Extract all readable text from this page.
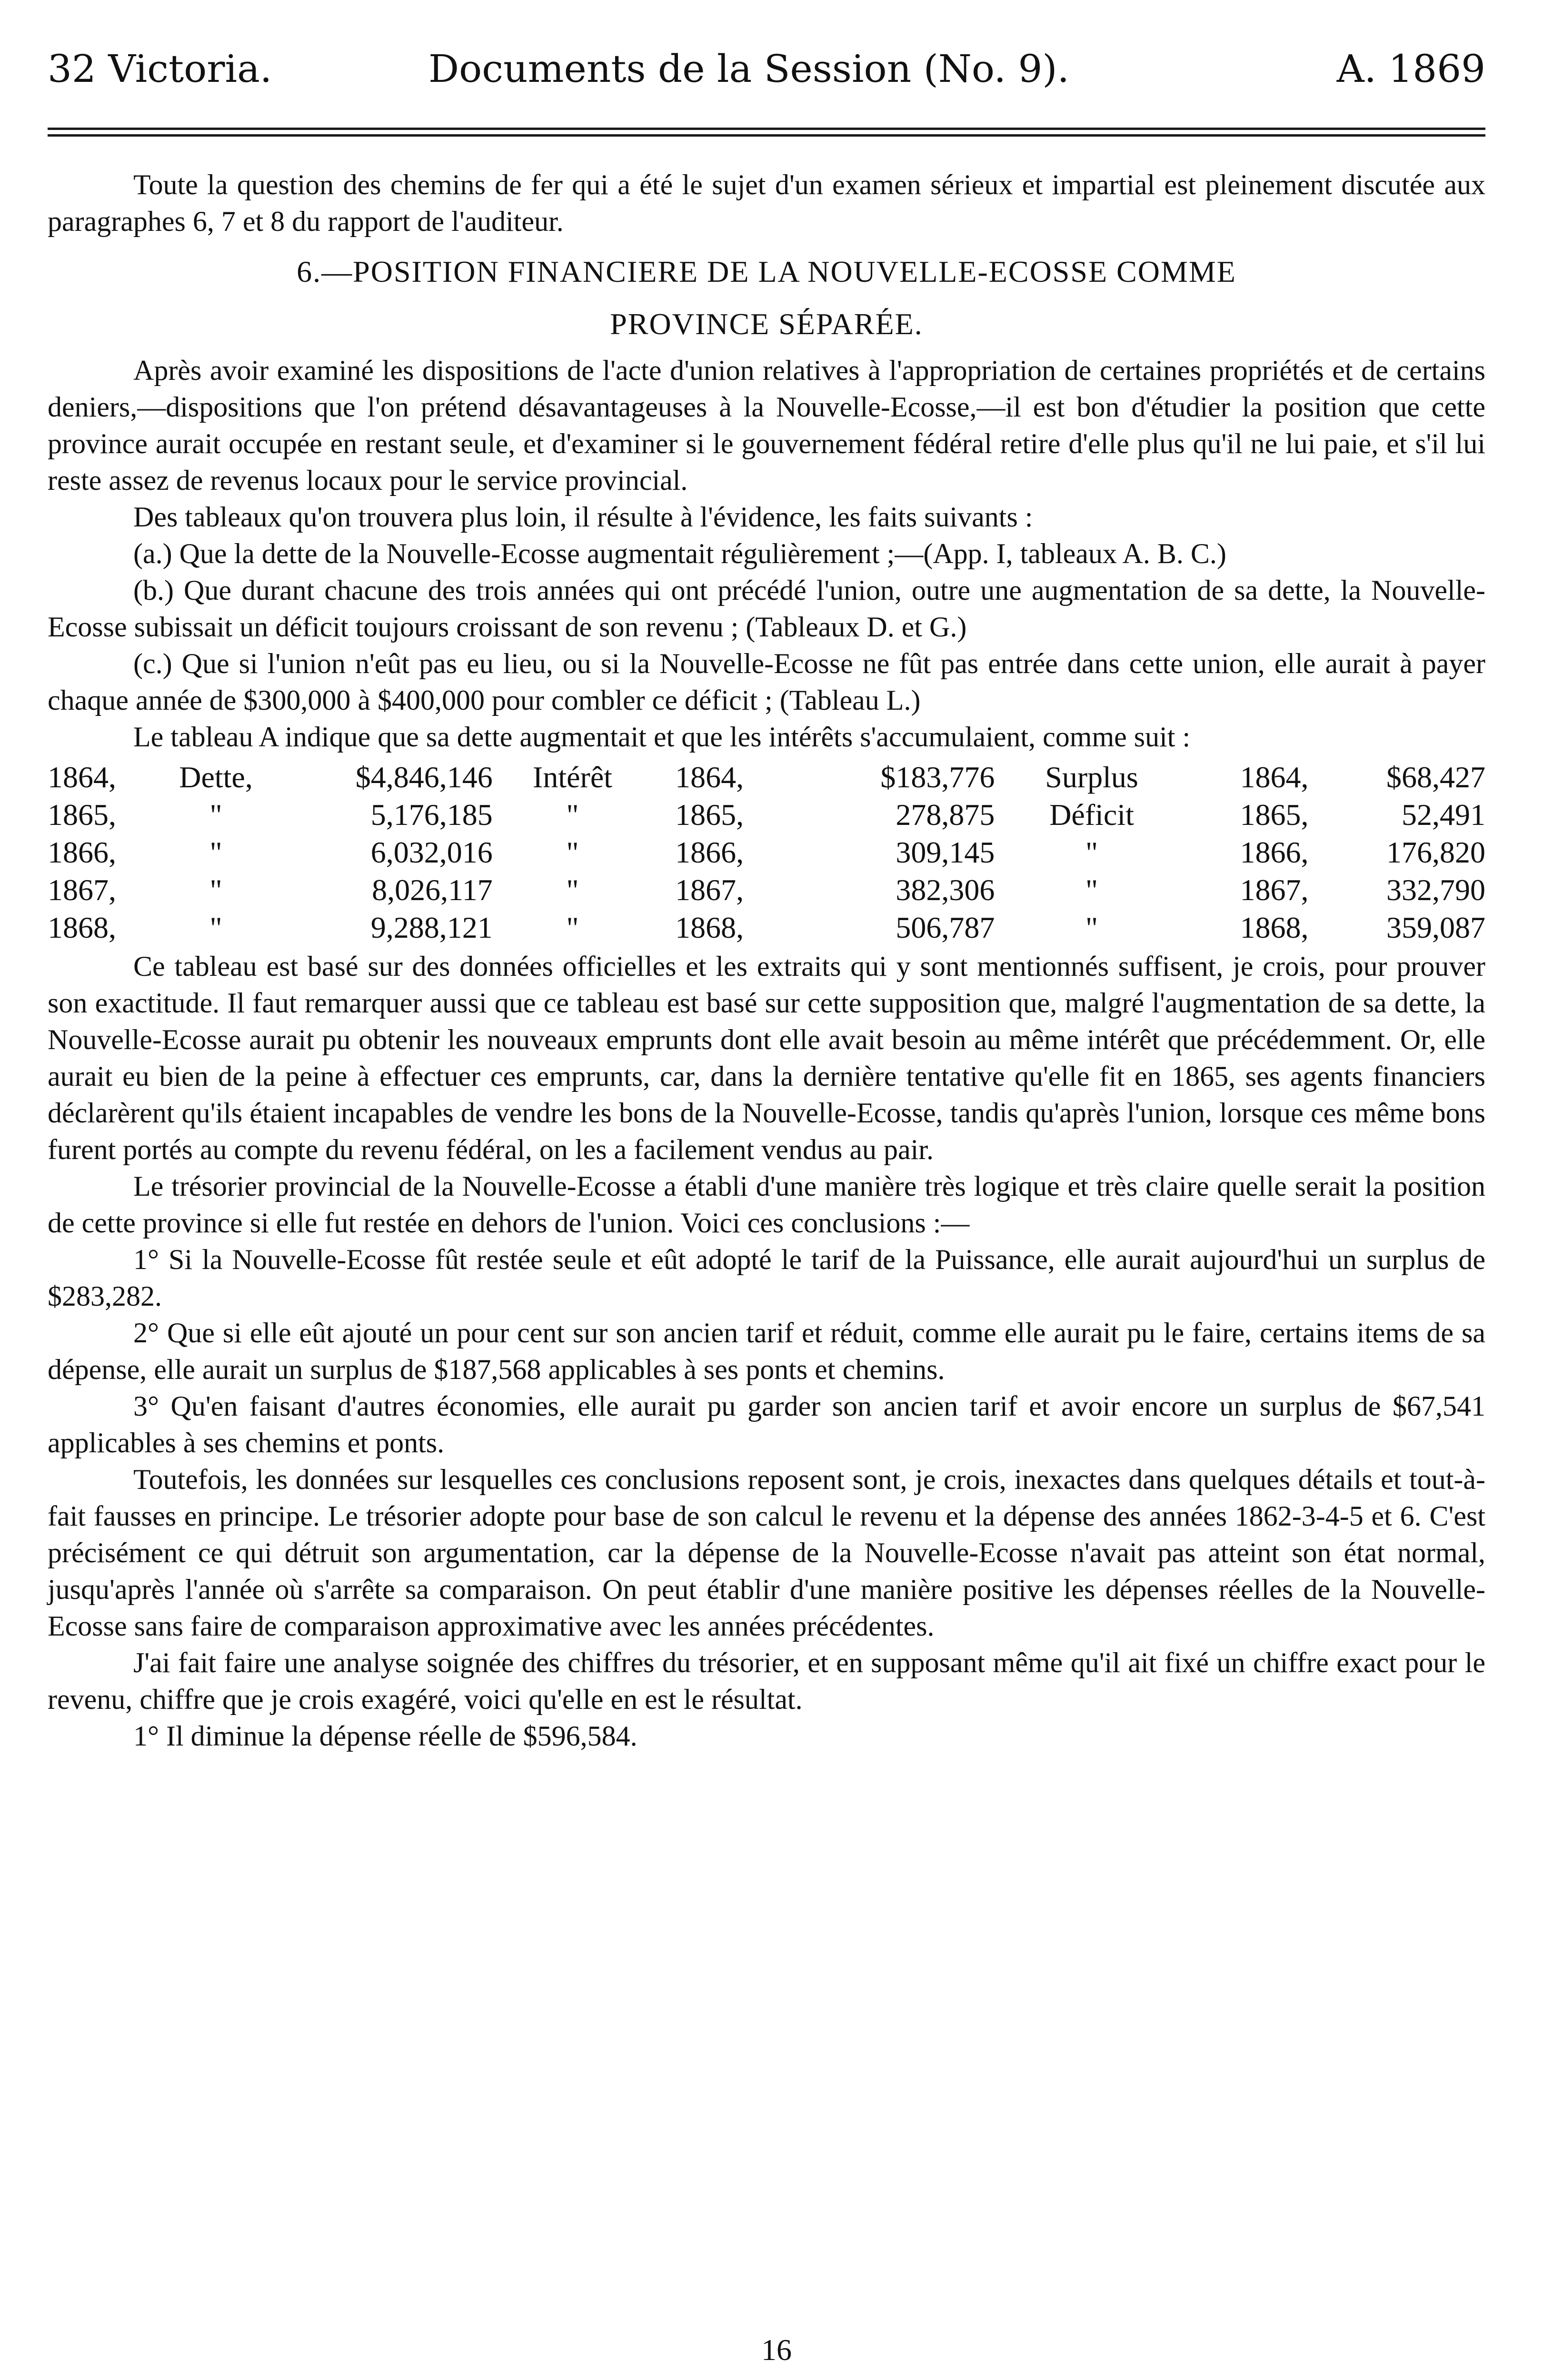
32 Victoria.	Documents de la Session (No. 9).	A. 1869

Toute la question des chemins de fer qui a été le sujet d'un examen sérieux et impartial est pleinement discutée aux paragraphes 6, 7 et 8 du rapport de l'auditeur.

6.—POSITION FINANCIERE DE LA NOUVELLE-ECOSSE COMME
PROVINCE SÉPARÉE.

Après avoir examiné les dispositions de l'acte d'union relatives à l'appropriation de certaines propriétés et de certains deniers,—dispositions que l'on prétend désavantageuses à la Nouvelle-Ecosse,—il est bon d'étudier la position que cette province aurait occupée en restant seule, et d'examiner si le gouvernement fédéral retire d'elle plus qu'il ne lui paie, et s'il lui reste assez de revenus locaux pour le service provincial.

Des tableaux qu'on trouvera plus loin, il résulte à l'évidence, les faits suivants :

(a.) Que la dette de la Nouvelle-Ecosse augmentait régulièrement ;—(App. I, tableaux A. B. C.)

(b.) Que durant chacune des trois années qui ont précédé l'union, outre une augmentation de sa dette, la Nouvelle-Ecosse subissait un déficit toujours croissant de son revenu ; (Tableaux D. et G.)

(c.) Que si l'union n'eût pas eu lieu, ou si la Nouvelle-Ecosse ne fût pas entrée dans cette union, elle aurait à payer chaque année de $300,000 à $400,000 pour combler ce déficit ; (Tableau L.)

Le tableau A indique que sa dette augmentait et que les intérêts s'accumulaient, comme suit :

1864,	Dette,	$4,846,146	Intérêt	1864,	$183,776	Surplus	1864,	$68,427
1865,	"	5,176,185	"	1865,	278,875	Déficit	1865,	52,491
1866,	"	6,032,016	"	1866,	309,145	"	1866,	176,820
1867,	"	8,026,117	"	1867,	382,306	"	1867,	332,790
1868,	"	9,288,121	"	1868,	506,787	"	1868,	359,087

Ce tableau est basé sur des données officielles et les extraits qui y sont mentionnés suffisent, je crois, pour prouver son exactitude. Il faut remarquer aussi que ce tableau est basé sur cette supposition que, malgré l'augmentation de sa dette, la Nouvelle-Ecosse aurait pu obtenir les nouveaux emprunts dont elle avait besoin au même intérêt que précédemment. Or, elle aurait eu bien de la peine à effectuer ces emprunts, car, dans la dernière tentative qu'elle fit en 1865, ses agents financiers déclarèrent qu'ils étaient incapables de vendre les bons de la Nouvelle-Ecosse, tandis qu'après l'union, lorsque ces même bons furent portés au compte du revenu fédéral, on les a facilement vendus au pair.

Le trésorier provincial de la Nouvelle-Ecosse a établi d'une manière très logique et très claire quelle serait la position de cette province si elle fut restée en dehors de l'union. Voici ces conclusions :—

1° Si la Nouvelle-Ecosse fût restée seule et eût adopté le tarif de la Puissance, elle aurait aujourd'hui un surplus de $283,282.

2° Que si elle eût ajouté un pour cent sur son ancien tarif et réduit, comme elle aurait pu le faire, certains items de sa dépense, elle aurait un surplus de $187,568 applicables à ses ponts et chemins.

3° Qu'en faisant d'autres économies, elle aurait pu garder son ancien tarif et avoir encore un surplus de $67,541 applicables à ses chemins et ponts.

Toutefois, les données sur lesquelles ces conclusions reposent sont, je crois, inexactes dans quelques détails et tout-à-fait fausses en principe. Le trésorier adopte pour base de son calcul le revenu et la dépense des années 1862-3-4-5 et 6. C'est précisément ce qui détruit son argumentation, car la dépense de la Nouvelle-Ecosse n'avait pas atteint son état normal, jusqu'après l'année où s'arrête sa comparaison. On peut établir d'une manière positive les dépenses réelles de la Nouvelle-Ecosse sans faire de comparaison approximative avec les années précédentes.

J'ai fait faire une analyse soignée des chiffres du trésorier, et en supposant même qu'il ait fixé un chiffre exact pour le revenu, chiffre que je crois exagéré, voici qu'elle en est le résultat.

1° Il diminue la dépense réelle de $596,584.

16
